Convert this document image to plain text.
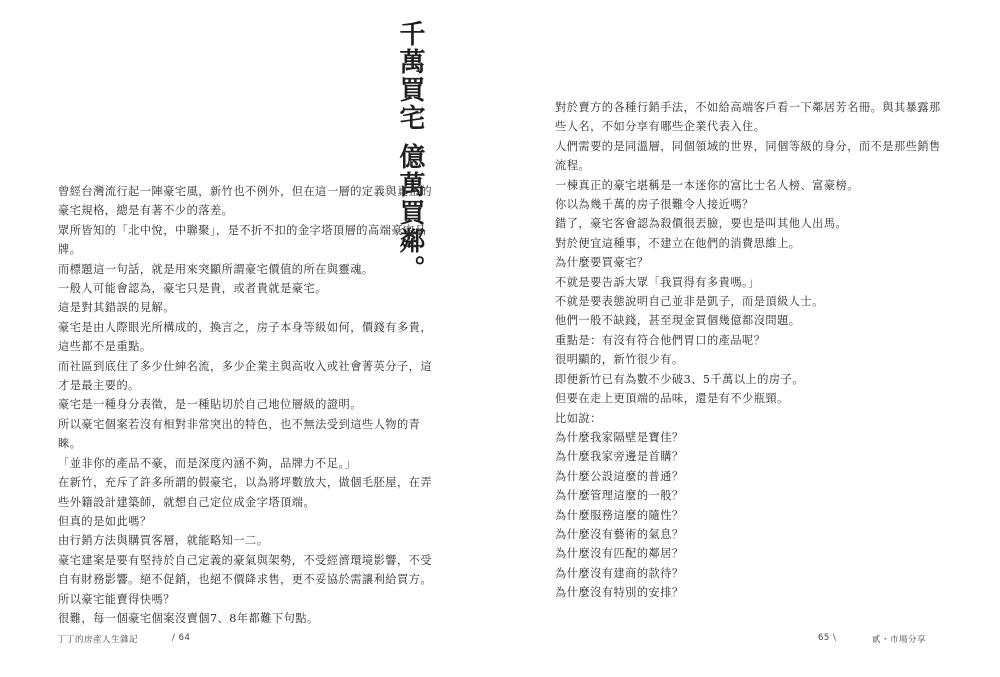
千萬買宅 億萬買鄰。

曾經台灣流行起一陣豪宅風，新竹也不例外，但在這一層的定義與真正的豪宅規格，總是有著不少的落差。

眾所皆知的「北中悅，中聯聚」，是不折不扣的金字塔頂層的高端豪宅品牌。

而標題這一句話，就是用來突顯所謂豪宅價值的所在與靈魂。

一般人可能會認為，豪宅只是貴，或者貴就是豪宅。

這是對其錯誤的見解。

豪宅是由人際眼光所構成的，換言之，房子本身等級如何，價錢有多貴，這些都不是重點。

而社區到底住了多少仕紳名流，多少企業主與高收入或社會菁英分子，這才是最主要的。

豪宅是一種身分表徵，是一種貼切於自己地位層級的證明。

所以豪宅個案若沒有相對非常突出的特色，也不無法受到這些人物的青睞。

「並非你的產品不豪，而是深度內涵不夠，品牌力不足。」

在新竹，充斥了許多所謂的假豪宅，以為將坪數放大，做個毛胚屋，在弄些外籍設計建築師，就想自己定位成金字塔頂端。

但真的是如此嗎？

由行銷方法與購買客層，就能略知一二。

豪宅建案是要有堅持於自己定義的豪氣與架勢，不受經濟環境影響，不受自有財務影響。絕不促銷，也絕不價降求售，更不妥協於需讓利給買方。

所以豪宅能賣得快嗎？

很難，每一個豪宅個案沒賣個7、8年都難下句點。

丁丁的房產人生雜記	/ 64

對於賣方的各種行銷手法，不如給高端客戶看一下鄰居芳名冊。與其暴露那些人名，不如分享有哪些企業代表入住。

人們需要的是同溫層，同個領域的世界，同個等級的身分，而不是那些銷售流程。

一棟真正的豪宅堪稱是一本迷你的富比士名人榜、富豪榜。

你以為幾千萬的房子很難令人接近嗎？

錯了，豪宅客會認為殺價很丟臉，要也是叫其他人出馬。

對於便宜這種事，不建立在他們的消費思維上。

為什麼要買豪宅？

不就是要告訴大眾「我買得有多貴嗎。」

不就是要表態說明自己並非是凱子，而是頂級人士。

他們一般不缺錢，甚至現金買個幾億都沒問題。

重點是：有沒有符合他們胃口的產品呢？

很明顯的，新竹很少有。

即便新竹已有為數不少破3、5千萬以上的房子。

但要在走上更頂端的品味，還是有不少瓶頸。

比如說：

為什麼我家隔壁是寶佳？

為什麼我家旁邊是首購？

為什麼公設這麼的普通？

為什麼管理這麼的一般？

為什麼服務這麼的隨性？

為什麼沒有藝術的氣息？

為什麼沒有匹配的鄰居？

為什麼沒有建商的款待？

為什麼沒有特別的安排？

65 \	貳・市場分享
